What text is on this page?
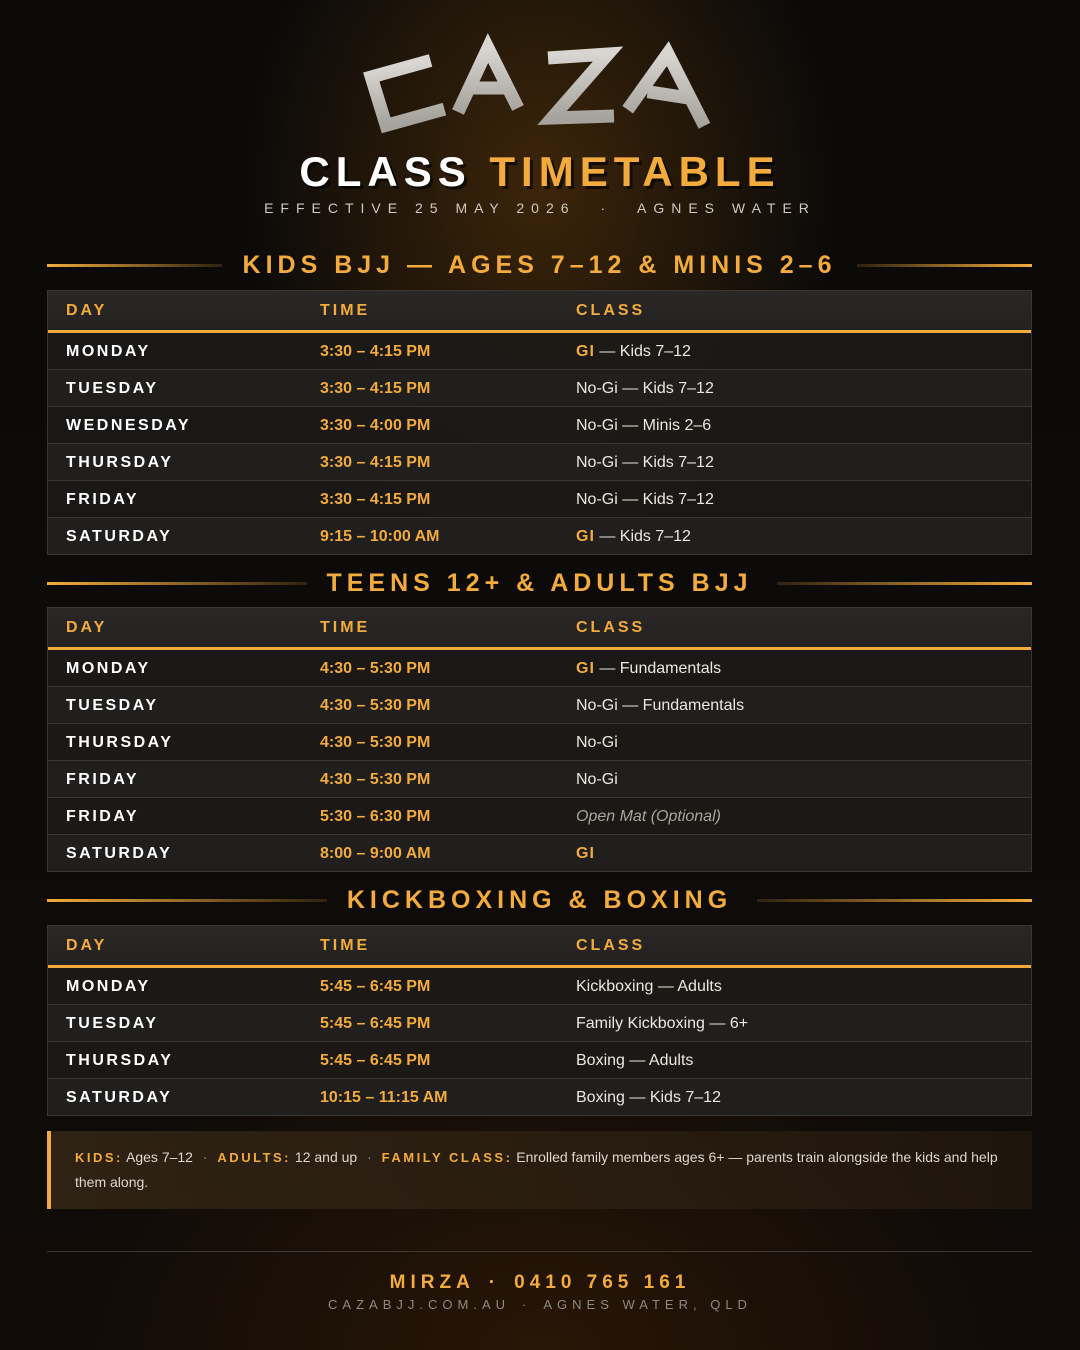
CLASS TIMETABLE
EFFECTIVE 25 MAY 2026 · AGNES WATER
KIDS BJJ — AGES 7–12 & MINIS 2–6
DAY	TIME	CLASS
MONDAY	3:30 – 4:15 PM	GI — Kids 7–12
TUESDAY	3:30 – 4:15 PM	No-Gi — Kids 7–12
WEDNESDAY	3:30 – 4:00 PM	No-Gi — Minis 2–6
THURSDAY	3:30 – 4:15 PM	No-Gi — Kids 7–12
FRIDAY	3:30 – 4:15 PM	No-Gi — Kids 7–12
SATURDAY	9:15 – 10:00 AM	GI — Kids 7–12
TEENS 12+ & ADULTS BJJ
DAY	TIME	CLASS
MONDAY	4:30 – 5:30 PM	GI — Fundamentals
TUESDAY	4:30 – 5:30 PM	No-Gi — Fundamentals
THURSDAY	4:30 – 5:30 PM	No-Gi
FRIDAY	4:30 – 5:30 PM	No-Gi
FRIDAY	5:30 – 6:30 PM	Open Mat (Optional)
SATURDAY	8:00 – 9:00 AM	GI
KICKBOXING & BOXING
DAY	TIME	CLASS
MONDAY	5:45 – 6:45 PM	Kickboxing — Adults
TUESDAY	5:45 – 6:45 PM	Family Kickboxing — 6+
THURSDAY	5:45 – 6:45 PM	Boxing — Adults
SATURDAY	10:15 – 11:15 AM	Boxing — Kids 7–12
KIDS: Ages 7–12 · ADULTS: 12 and up · FAMILY CLASS: Enrolled family members ages 6+ — parents train alongside the kids and help them along.
MIRZA · 0410 765 161
CAZABJJ.COM.AU · AGNES WATER, QLD
